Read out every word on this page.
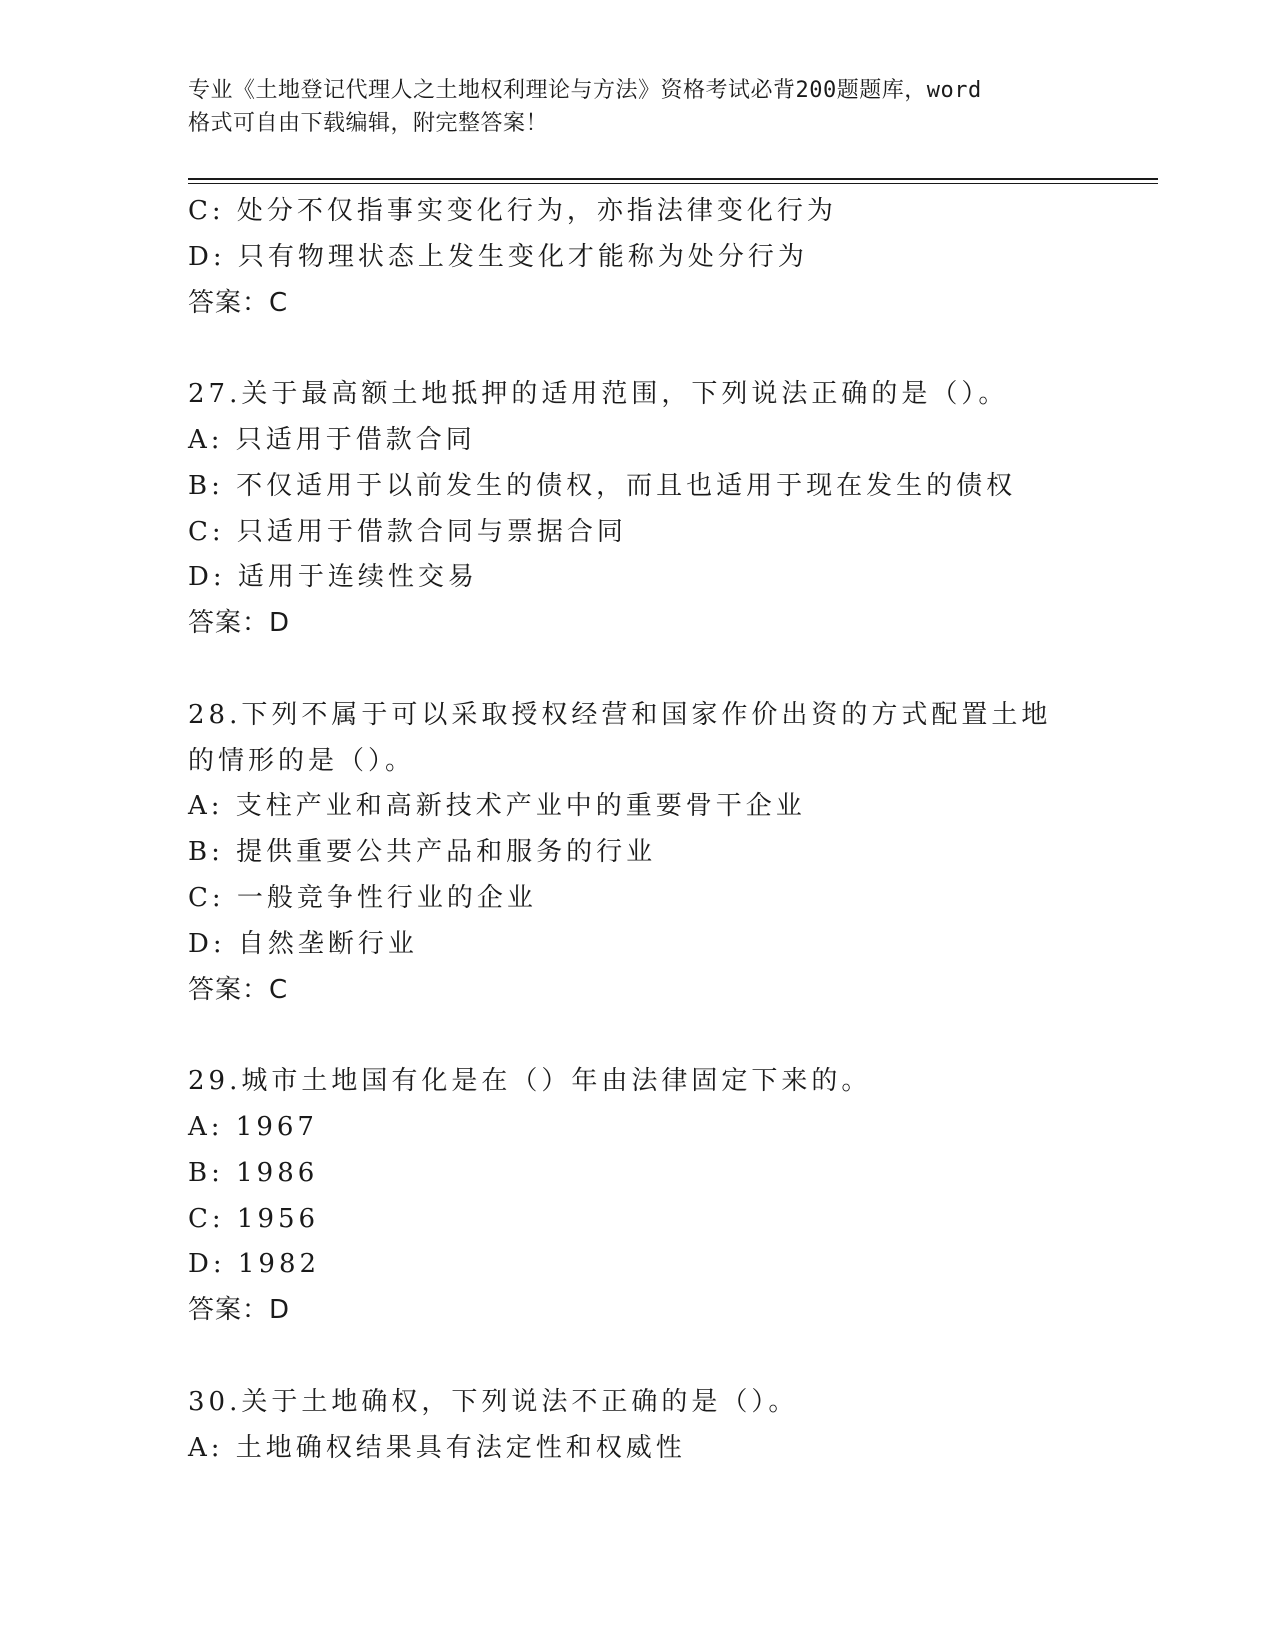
专业《土地登记代理人之土地权利理论与方法》资格考试必背200题题库，word
格式可自由下载编辑，附完整答案！
C: 处分不仅指事实变化行为，亦指法律变化行为
D: 只有物理状态上发生变化才能称为处分行为
答案：C
27.关于最高额土地抵押的适用范围，下列说法正确的是（）。
A: 只适用于借款合同
B: 不仅适用于以前发生的债权，而且也适用于现在发生的债权
C: 只适用于借款合同与票据合同
D: 适用于连续性交易
答案：D
28.下列不属于可以采取授权经营和国家作价出资的方式配置土地的情形的是（）。
A: 支柱产业和高新技术产业中的重要骨干企业
B: 提供重要公共产品和服务的行业
C: 一般竞争性行业的企业
D: 自然垄断行业
答案：C
29.城市土地国有化是在（）年由法律固定下来的。
A: 1967
B: 1986
C: 1956
D: 1982
答案：D
30.关于土地确权，下列说法不正确的是（）。
A: 土地确权结果具有法定性和权威性
